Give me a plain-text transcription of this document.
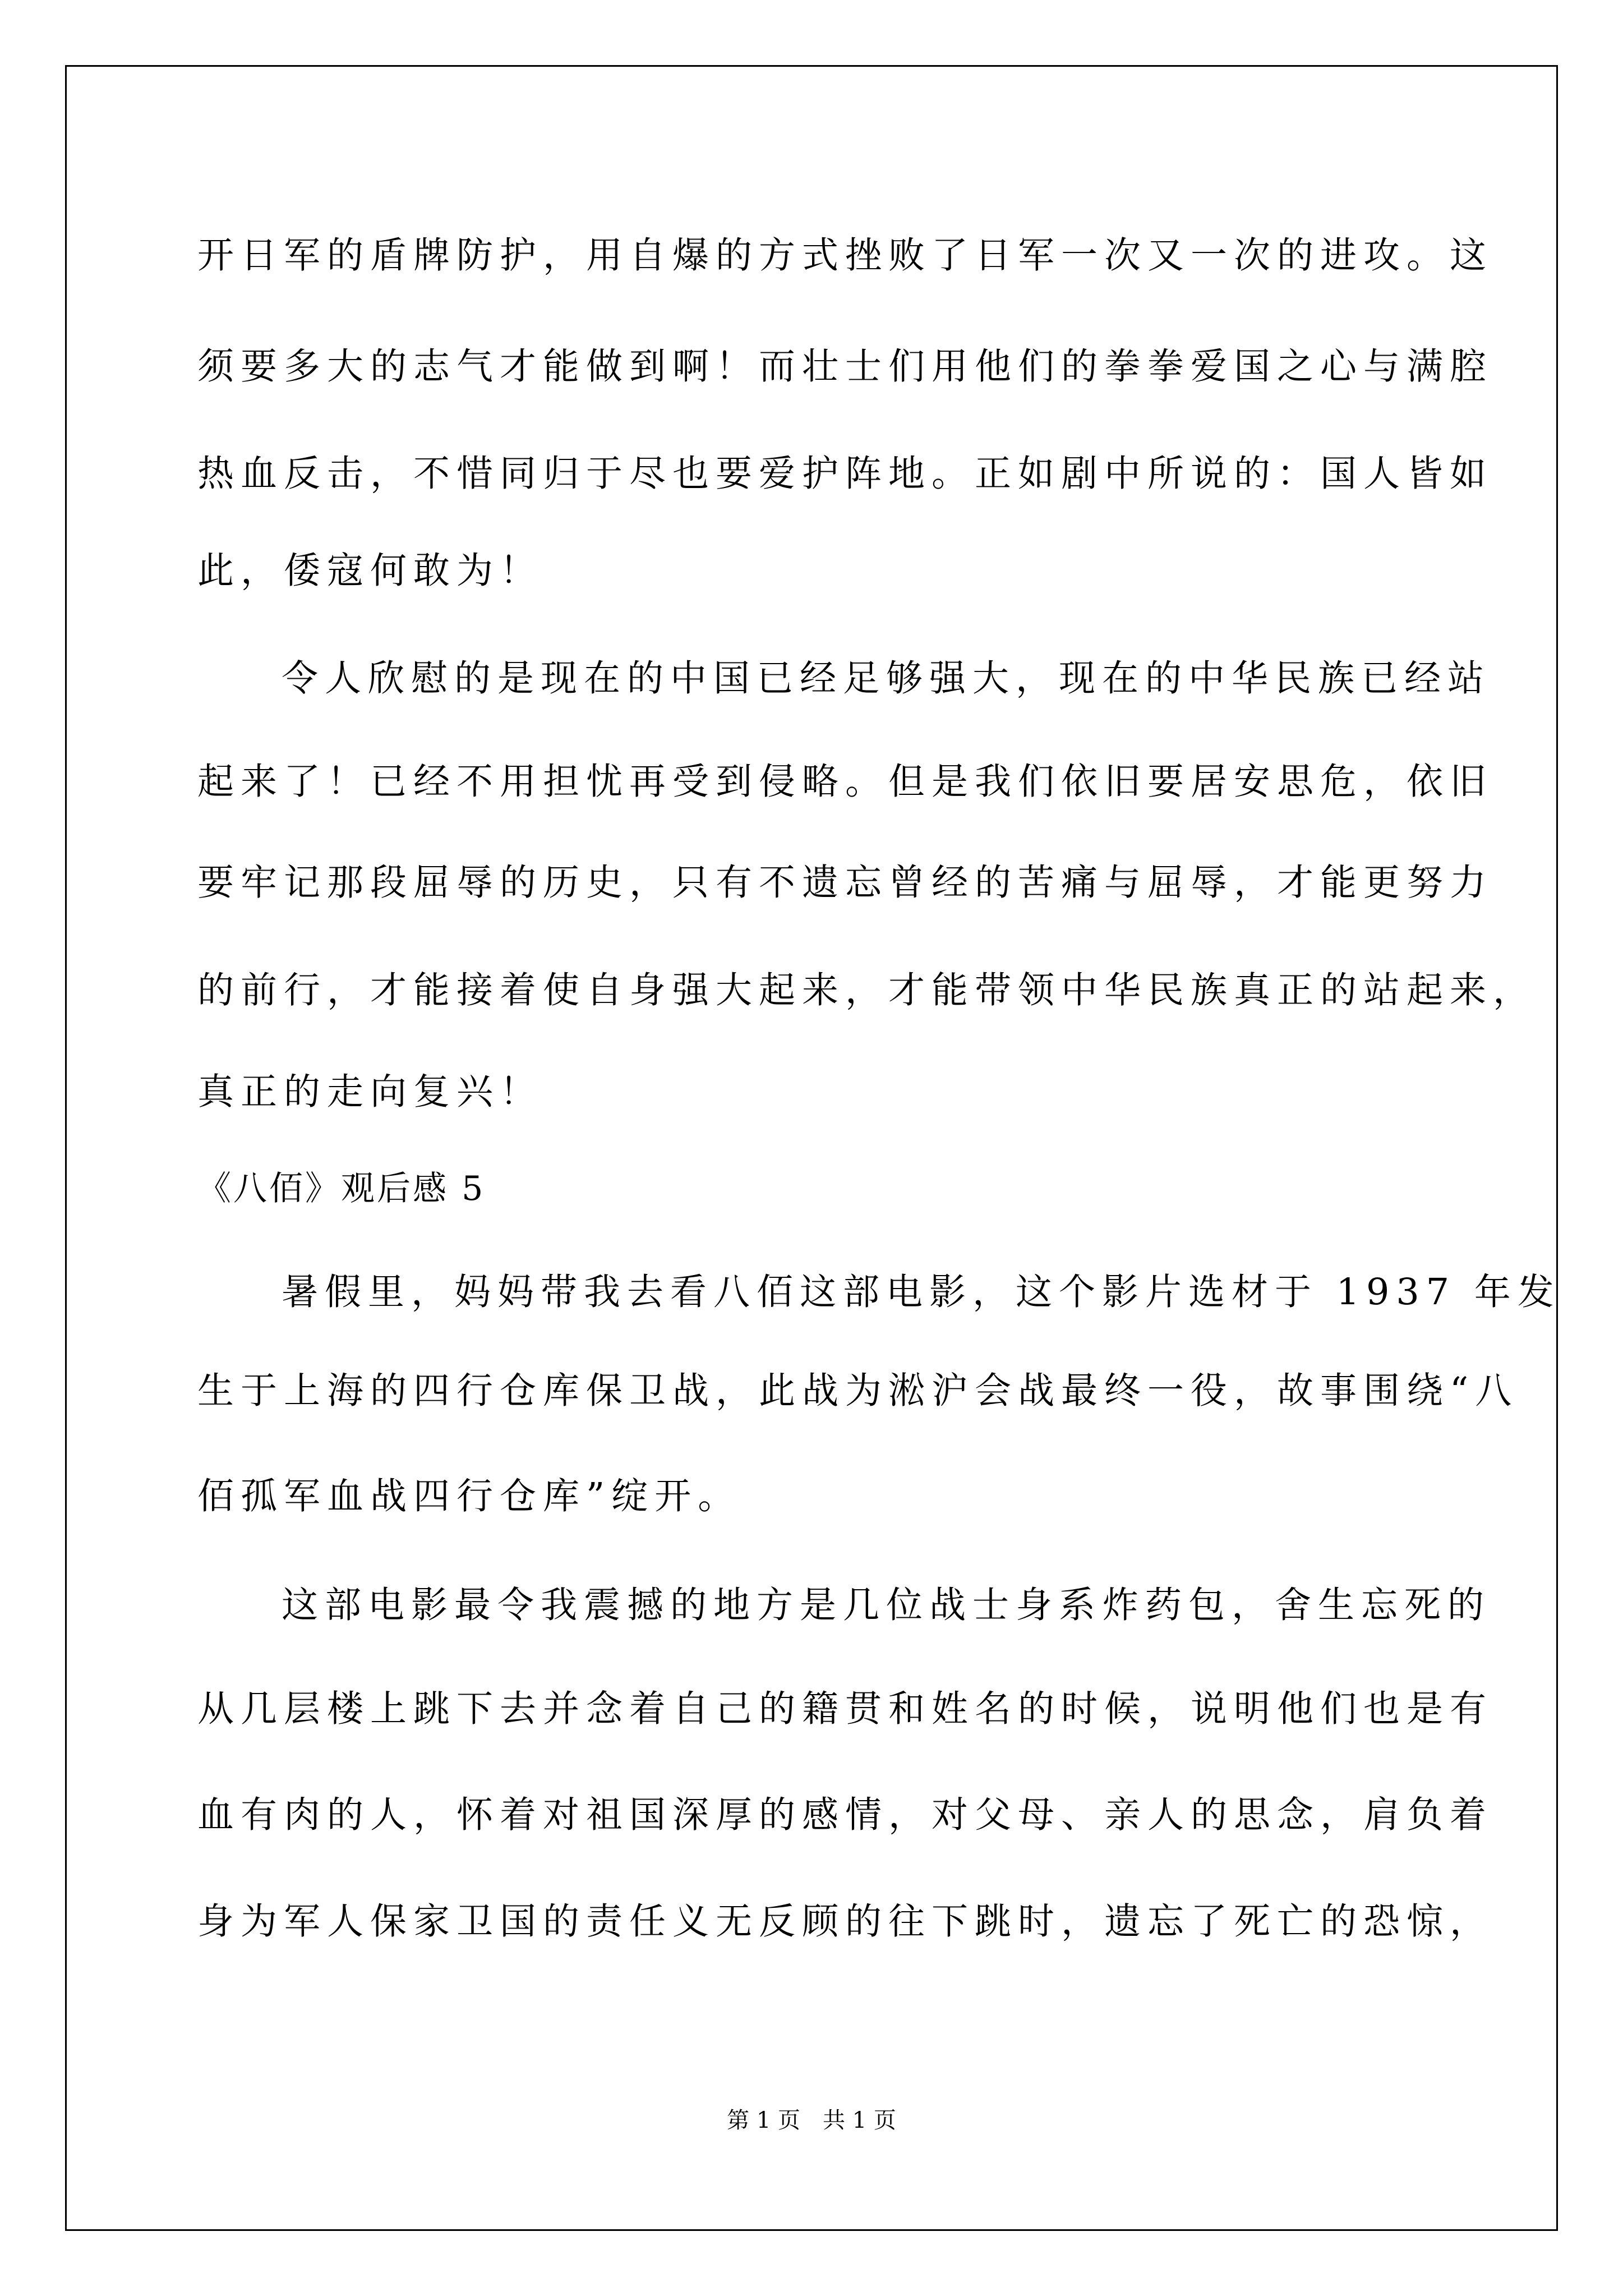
开日军的盾牌防护，用自爆的方式挫败了日军一次又一次的进攻。这

须要多大的志气才能做到啊！而壮士们用他们的拳拳爱国之心与满腔

热血反击，不惜同归于尽也要爱护阵地。正如剧中所说的：国人皆如

此，倭寇何敢为！

令人欣慰的是现在的中国已经足够强大，现在的中华民族已经站

起来了！已经不用担忧再受到侵略。但是我们依旧要居安思危，依旧

要牢记那段屈辱的历史，只有不遗忘曾经的苦痛与屈辱，才能更努力

的前行，才能接着使自身强大起来，才能带领中华民族真正的站起来，

真正的走向复兴！

《八佰》观后感 5

暑假里，妈妈带我去看八佰这部电影，这个影片选材于 1937 年发

生于上海的四行仓库保卫战，此战为淞沪会战最终一役，故事围绕“八

佰孤军血战四行仓库”绽开。

这部电影最令我震撼的地方是几位战士身系炸药包，舍生忘死的

从几层楼上跳下去并念着自己的籍贯和姓名的时候，说明他们也是有

血有肉的人，怀着对祖国深厚的感情，对父母、亲人的思念，肩负着

身为军人保家卫国的责任义无反顾的往下跳时，遗忘了死亡的恐惊，

第 1 页　共 1 页
